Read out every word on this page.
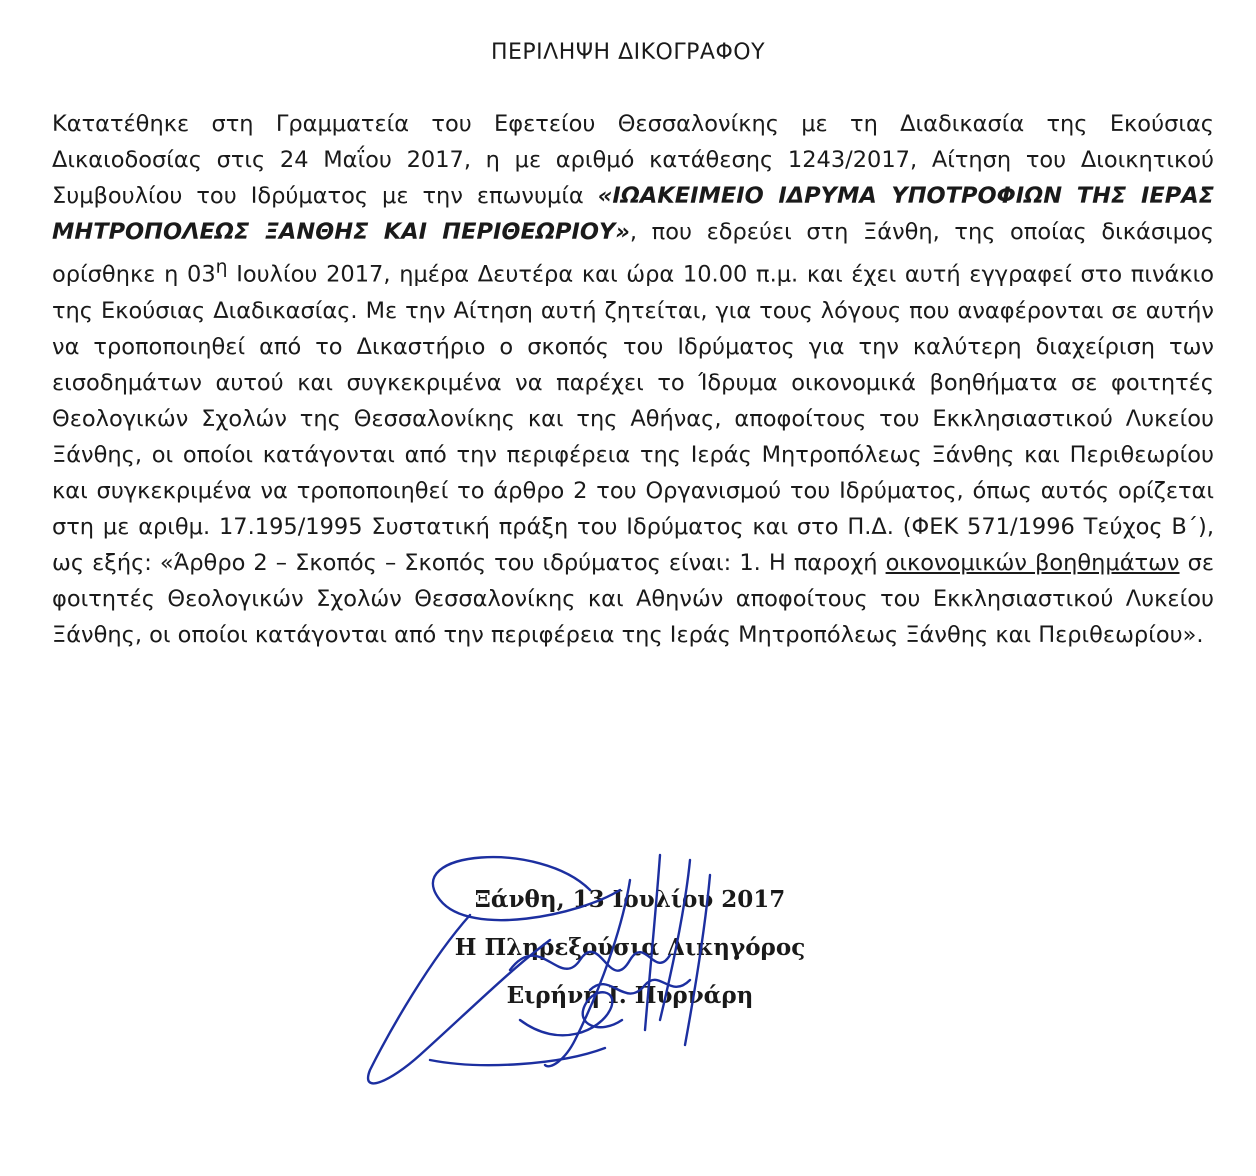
ΠΕΡΙΛΗΨΗ ΔΙΚΟΓΡΑΦΟΥ
Κατατέθηκε στη Γραμματεία του Εφετείου Θεσσαλονίκης με τη Διαδικασία της Εκούσιας Δικαιοδοσίας στις 24 Μαΐου 2017, η με αριθμό κατάθεσης 1243/2017, Αίτηση του Διοικητικού Συμβουλίου του Ιδρύματος με την επωνυμία «ΙΩΑΚΕΙΜΕΙΟ ΙΔΡΥΜΑ ΥΠΟΤΡΟΦΙΩΝ ΤΗΣ ΙΕΡΑΣ ΜΗΤΡΟΠΟΛΕΩΣ ΞΑΝΘΗΣ ΚΑΙ ΠΕΡΙΘΕΩΡΙΟΥ», που εδρεύει στη Ξάνθη, της οποίας δικάσιμος ορίσθηκε η $03^\eta$ Ιουλίου 2017, ημέρα Δευτέρα και ώρα 10.00 π.μ. και έχει αυτή εγγραφεί στο πινάκιο της Εκούσιας Διαδικασίας. Με την Αίτηση αυτή ζητείται, για τους λόγους που αναφέρονται σε αυτήν να τροποποιηθεί από το Δικαστήριο ο σκοπός του Ιδρύματος για την καλύτερη διαχείριση των εισοδημάτων αυτού και συγκεκριμένα να παρέχει το Ίδρυμα οικονομικά βοηθήματα σε φοιτητές Θεολογικών Σχολών της Θεσσαλονίκης και της Αθήνας, αποφοίτους του Εκκλησιαστικού Λυκείου Ξάνθης, οι οποίοι κατάγονται από την περιφέρεια της Ιεράς Μητροπόλεως Ξάνθης και Περιθεωρίου και συγκεκριμένα να τροποποιηθεί το άρθρο 2 του Οργανισμού του Ιδρύματος, όπως αυτός ορίζεται στη με αριθμ. 17.195/1995 Συστατική πράξη του Ιδρύματος και στο Π.Δ. (ΦΕΚ 571/1996 Τεύχος Β΄), ως εξής: «Άρθρο 2 – Σκοπός – Σκοπός του ιδρύματος είναι: 1. Η παροχή οικονομικών βοηθημάτων σε φοιτητές Θεολογικών Σχολών Θεσσαλονίκης και Αθηνών αποφοίτους του Εκκλησιαστικού Λυκείου Ξάνθης, οι οποίοι κατάγονται από την περιφέρεια της Ιεράς Μητροπόλεως Ξάνθης και Περιθεωρίου».
Ξάνθη, 13 Ιουλίου 2017
Η Πληρεξούσια Δικηγόρος
Ειρήνη Ι. Πυρνάρη
